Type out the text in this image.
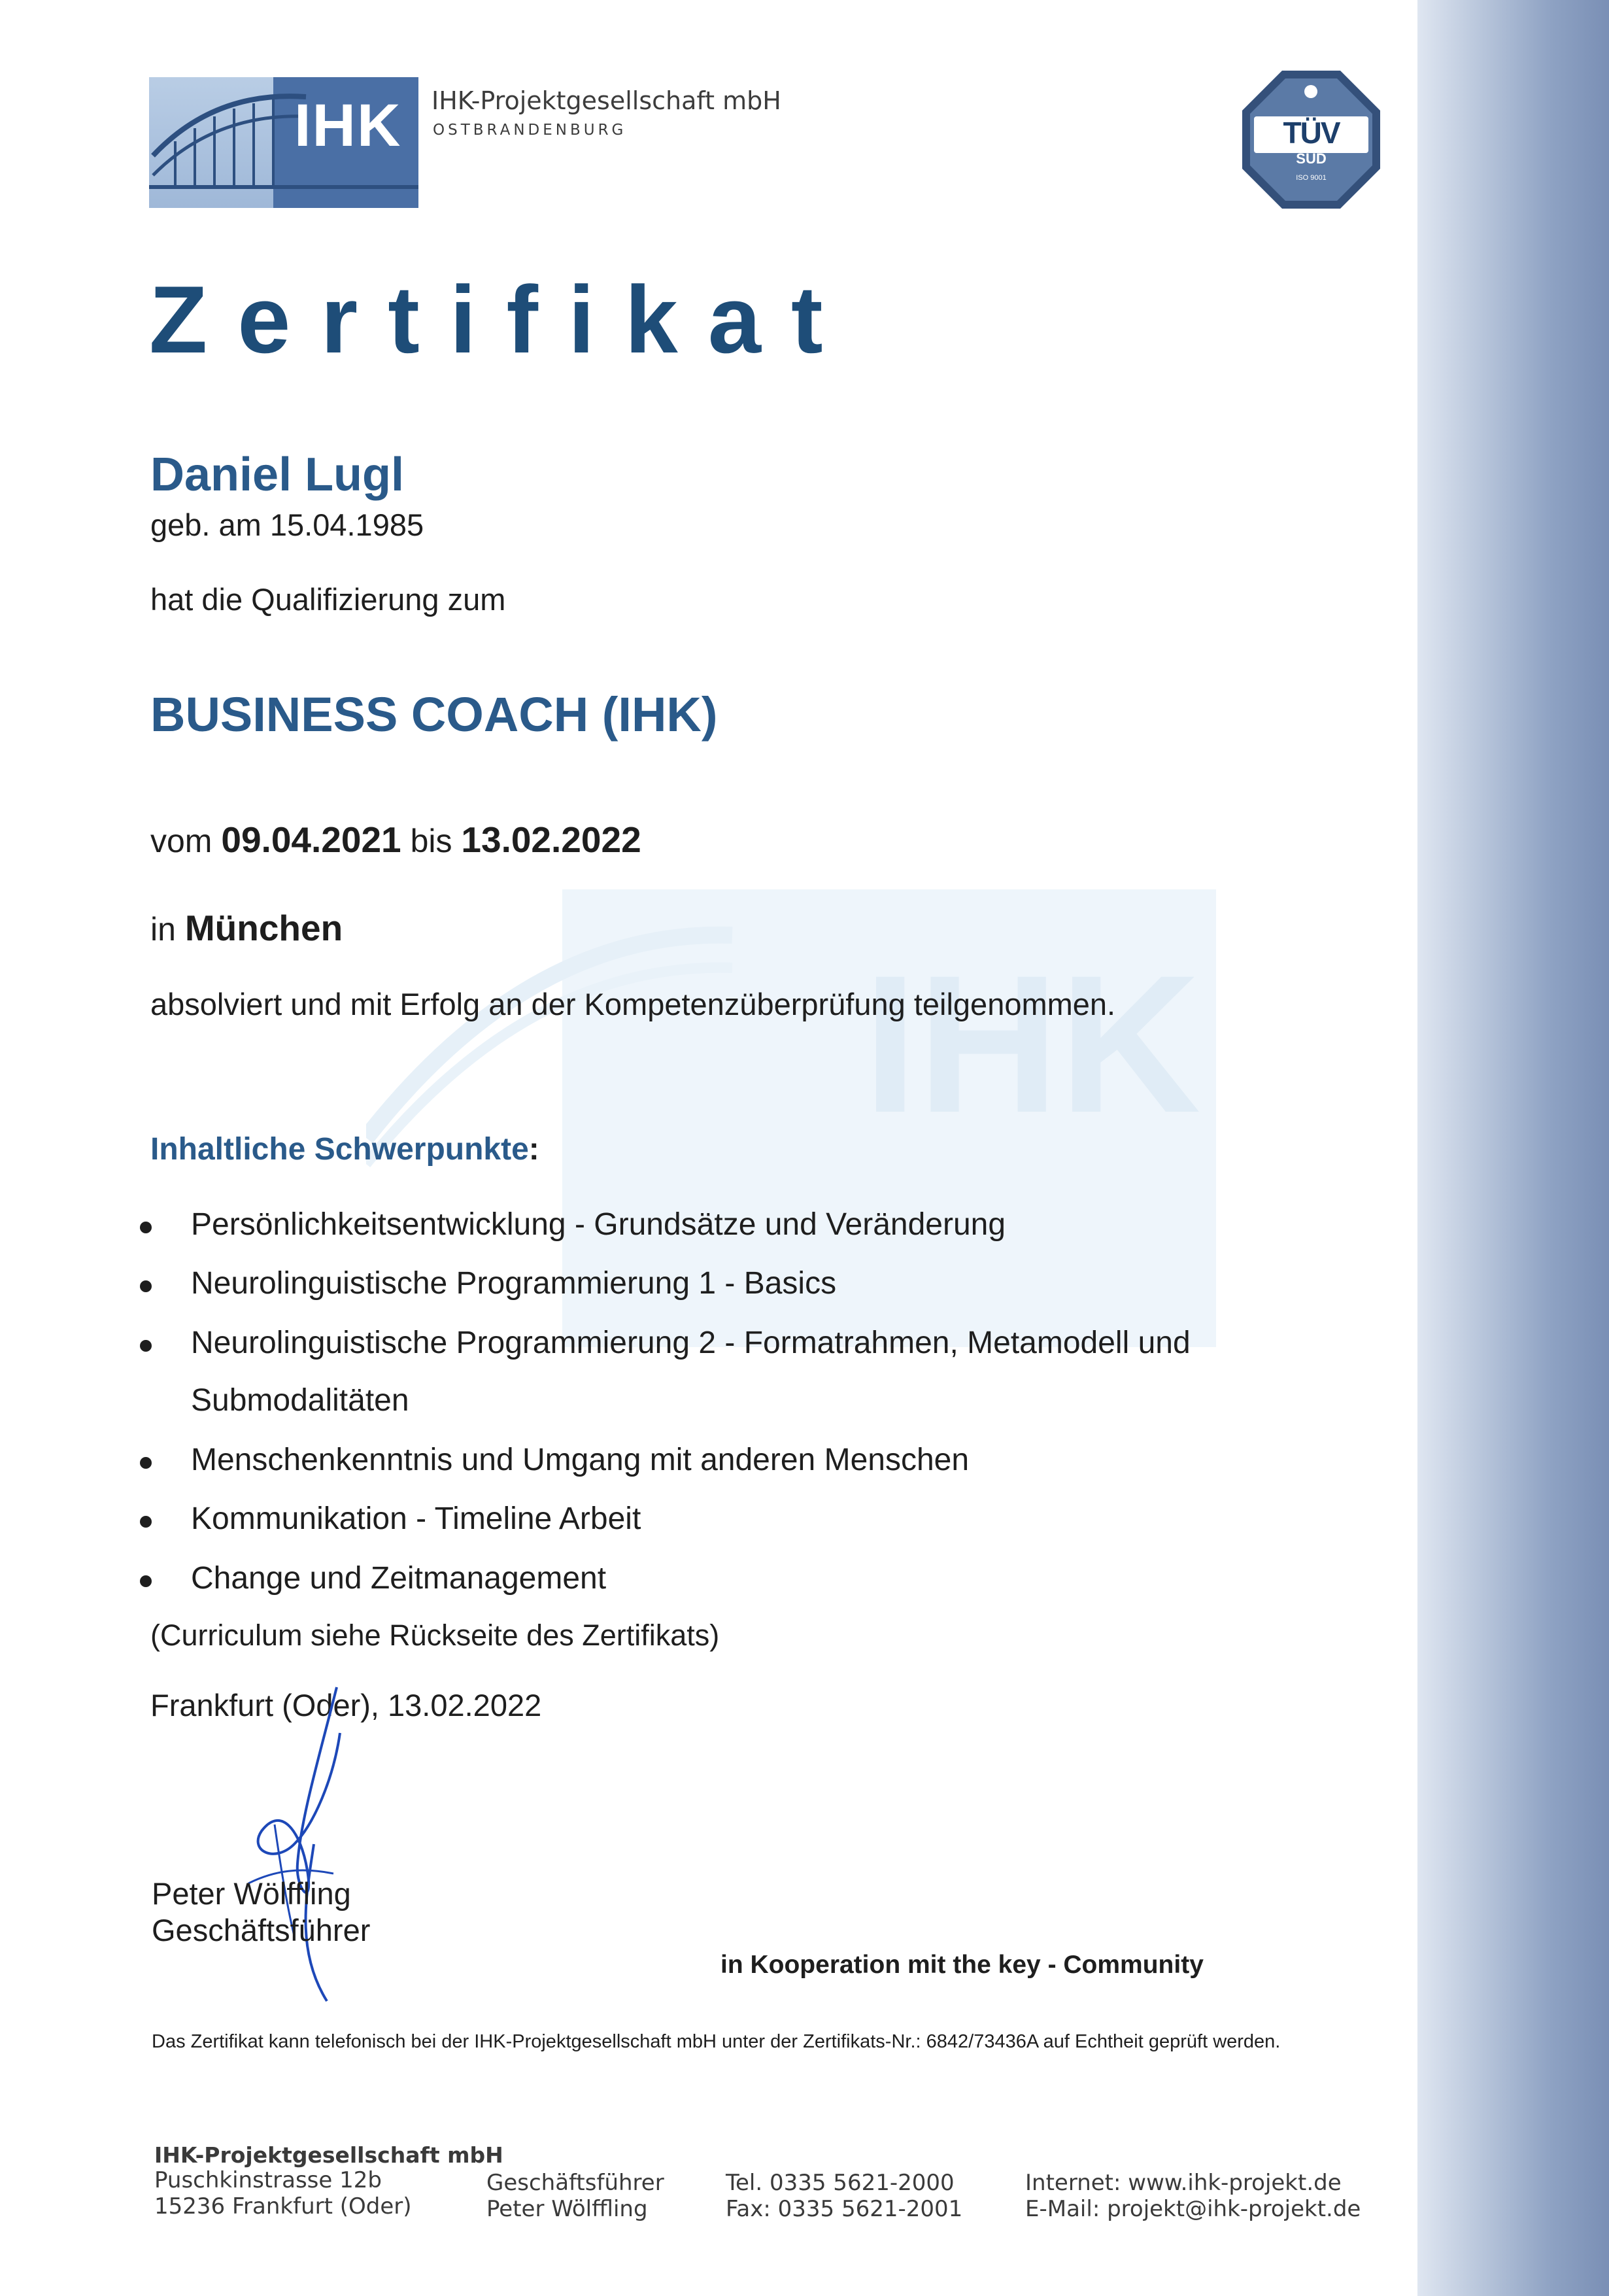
IHK
IHK IHK-Projektgesellschaft mbH
OSTBRANDENBURG	TÜV
SÜD
ISO 9001
Zertifikat
Daniel Lugl
geb. am 15.04.1985
hat die Qualifizierung zum
BUSINESS COACH (IHK)
vom 09.04.2021 bis 13.02.2022
in München
absolviert und mit Erfolg an der Kompetenzüberprüfung teilgenommen.
Inhaltliche Schwerpunkte:
Persönlichkeitsentwicklung - Grundsätze und Veränderung
Neurolinguistische Programmierung 1 - Basics
Neurolinguistische Programmierung 2 - Formatrahmen, Metamodell und
Submodalitäten
Menschenkenntnis und Umgang mit anderen Menschen
Kommunikation - Timeline Arbeit
Change und Zeitmanagement
(Curriculum siehe Rückseite des Zertifikats)
Frankfurt (Oder), 13.02.2022
Peter Wölffling
Geschäftsführer
in Kooperation mit the key - Community
Das Zertifikat kann telefonisch bei der IHK-Projektgesellschaft mbH unter der Zertifikats-Nr.: 6842/73436A auf Echtheit geprüft werden.
IHK-Projektgesellschaft mbH
Puschkinstrasse 12b
15236 Frankfurt (Oder)
Geschäftsführer
Peter Wölffling
Tel. 0335 5621-2000
Fax: 0335 5621-2001
Internet: www.ihk-projekt.de
E-Mail: projekt@ihk-projekt.de
